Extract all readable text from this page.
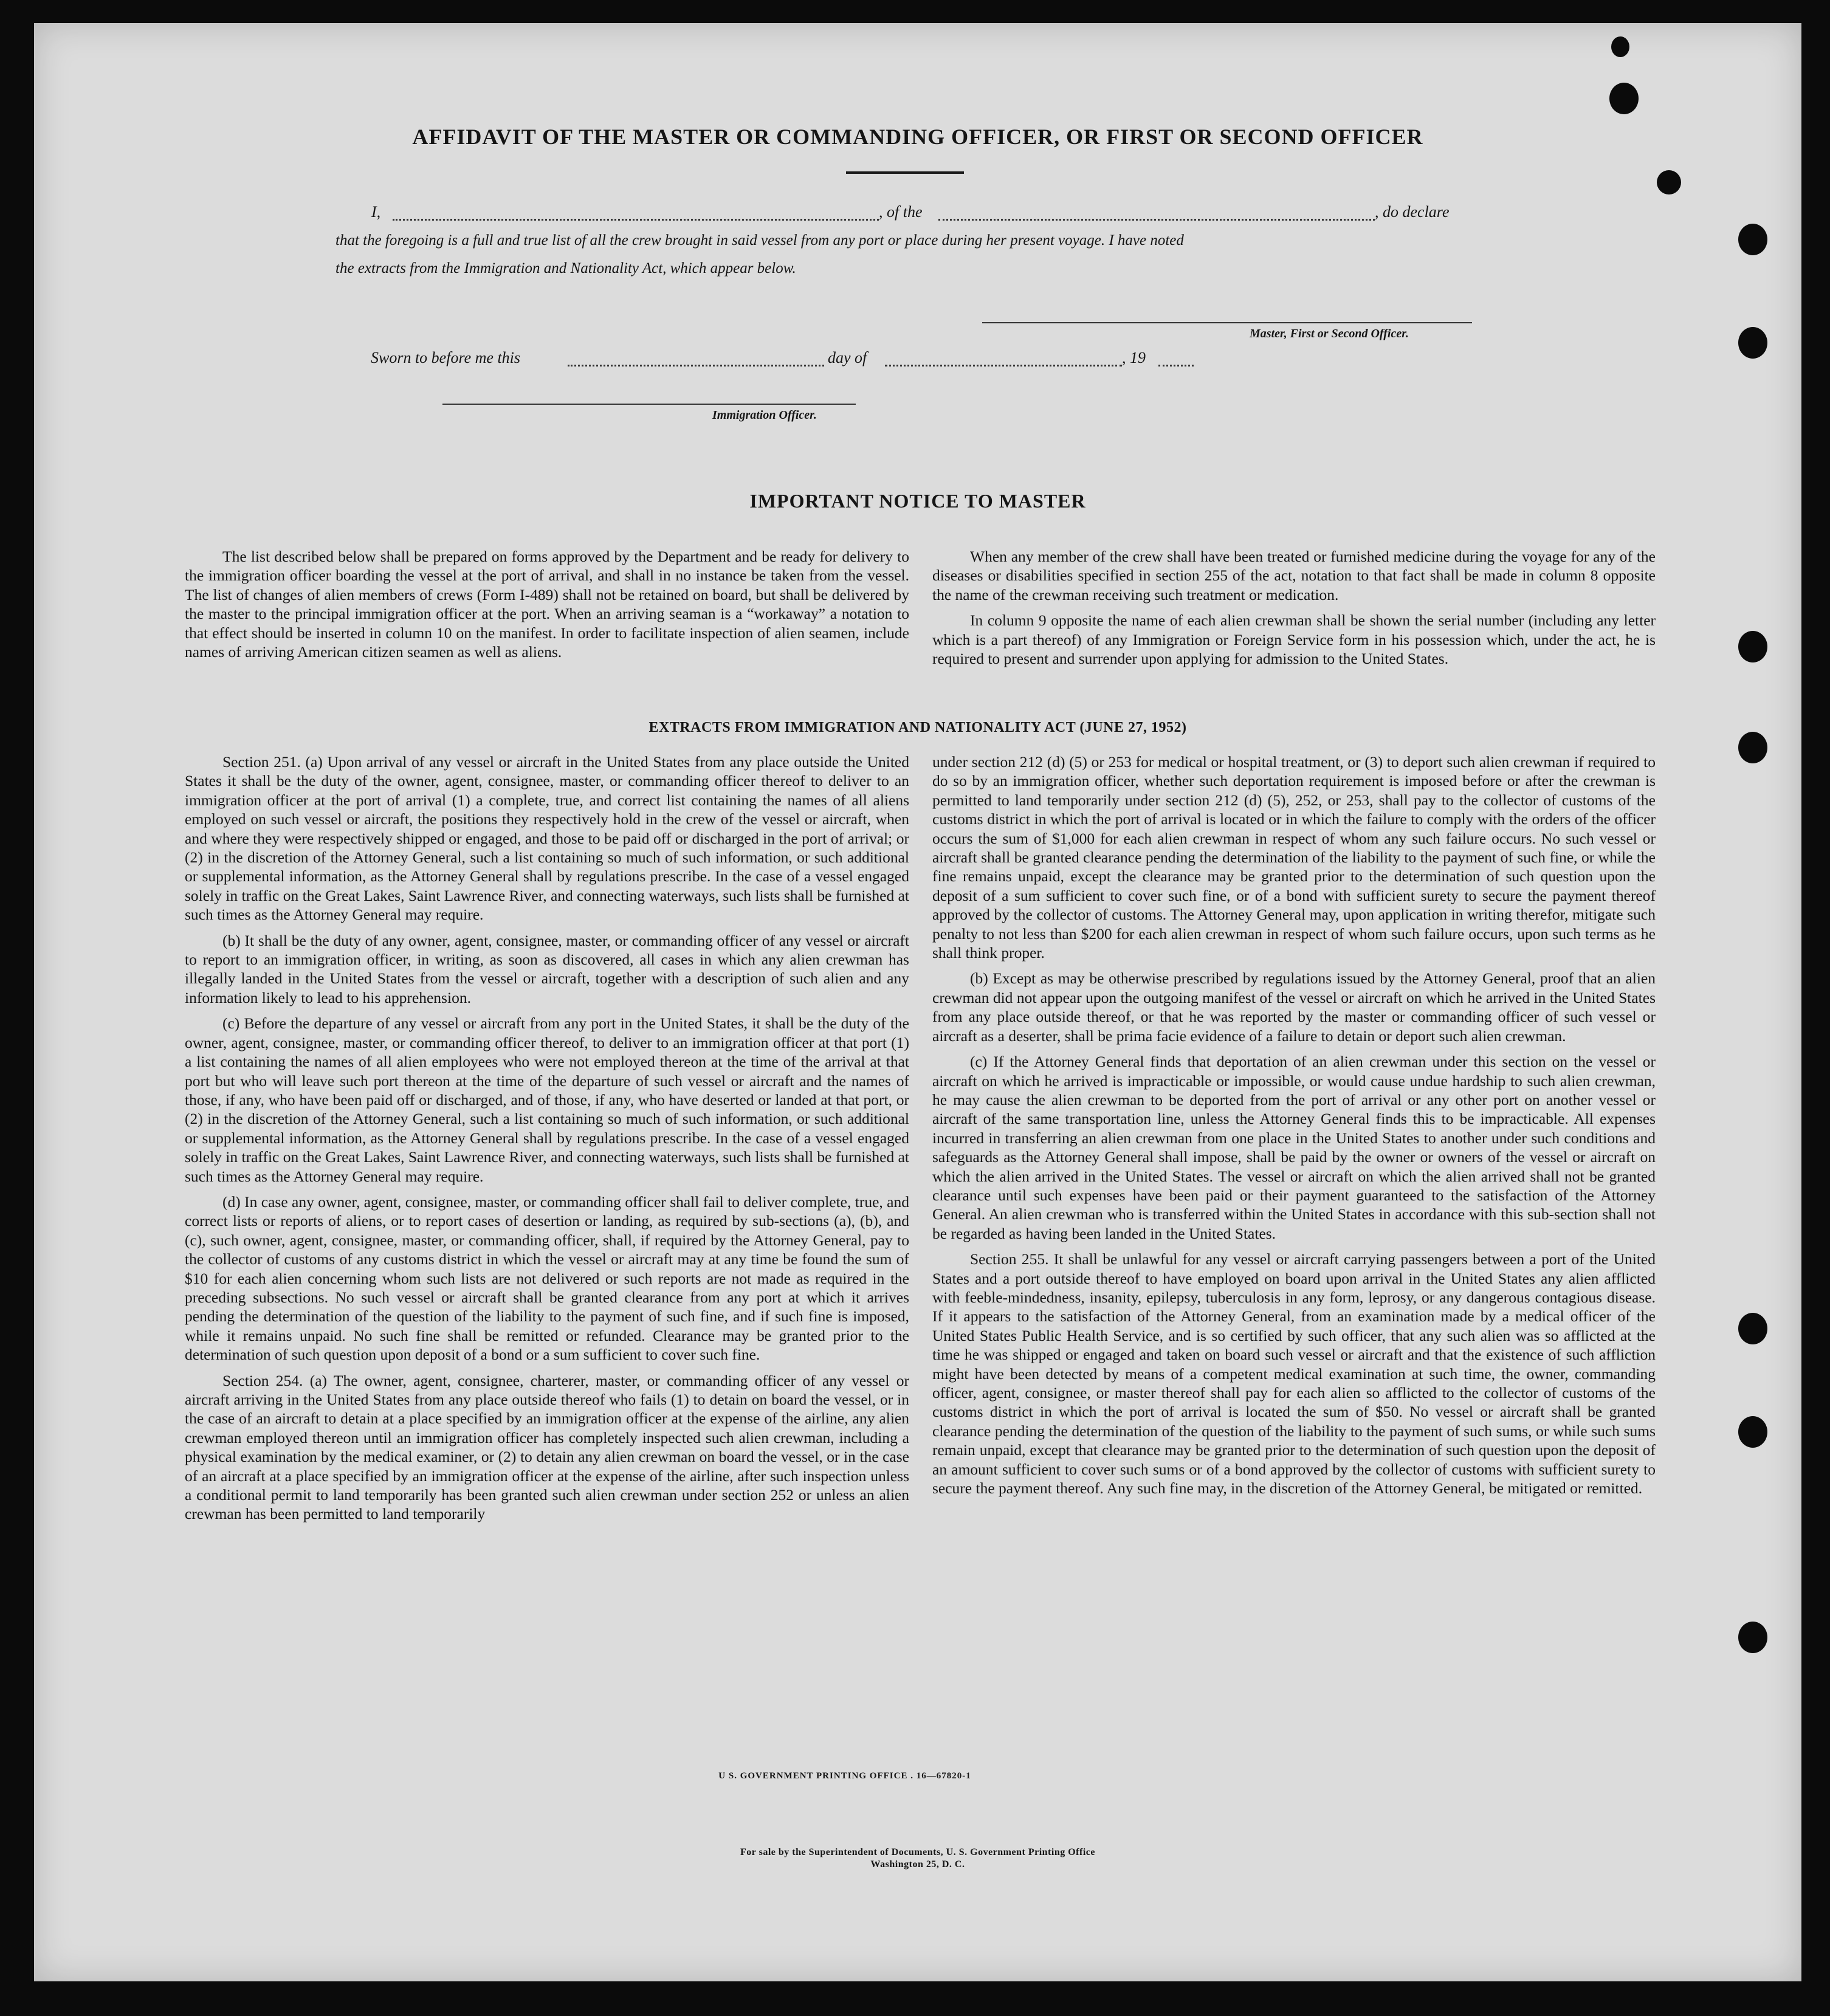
AFFIDAVIT OF THE MASTER OR COMMANDING OFFICER, OR FIRST OR SECOND OFFICER
I,	, of the	, do declare
that the foregoing is a full and true list of all the crew brought in said vessel from any port or place during her present voyage. I have noted
the extracts from the Immigration and Nationality Act, which appear below.
Master, First or Second Officer.
Sworn to before me this	day of	, 19
Immigration Officer.
IMPORTANT NOTICE TO MASTER

The list described below shall be prepared on forms approved by the Department and be ready for delivery to the immigration officer boarding the vessel at the port of arrival, and shall in no instance be taken from the vessel. The list of changes of alien members of crews (Form I-489) shall not be retained on board, but shall be delivered by the master to the principal immigration officer at the port. When an arriving seaman is a “workaway” a notation to that effect should be inserted in column 10 on the manifest. In order to facilitate inspection of alien seamen, include names of arriving American citizen seamen as well as aliens.

When any member of the crew shall have been treated or furnished medicine during the voyage for any of the diseases or disabilities specified in section 255 of the act, notation to that fact shall be made in column 8 opposite the name of the crewman receiving such treatment or medication.

In column 9 opposite the name of each alien crewman shall be shown the serial number (including any letter which is a part thereof) of any Immigration or Foreign Service form in his possession which, under the act, he is required to present and surrender upon applying for admission to the United States.

EXTRACTS FROM IMMIGRATION AND NATIONALITY ACT (JUNE 27, 1952)

Section 251. (a) Upon arrival of any vessel or aircraft in the United States from any place outside the United States it shall be the duty of the owner, agent, consignee, master, or commanding officer thereof to deliver to an immigration officer at the port of arrival (1) a complete, true, and correct list containing the names of all aliens employed on such vessel or aircraft, the positions they respectively hold in the crew of the vessel or aircraft, when and where they were respectively shipped or engaged, and those to be paid off or discharged in the port of arrival; or (2) in the discretion of the Attorney General, such a list containing so much of such information, or such additional or supplemental information, as the Attorney General shall by regulations prescribe. In the case of a vessel engaged solely in traffic on the Great Lakes, Saint Lawrence River, and connecting waterways, such lists shall be furnished at such times as the Attorney General may require.

(b) It shall be the duty of any owner, agent, consignee, master, or commanding officer of any vessel or aircraft to report to an immigration officer, in writing, as soon as discovered, all cases in which any alien crewman has illegally landed in the United States from the vessel or aircraft, together with a description of such alien and any information likely to lead to his apprehension.

(c) Before the departure of any vessel or aircraft from any port in the United States, it shall be the duty of the owner, agent, consignee, master, or commanding officer thereof, to deliver to an immigration officer at that port (1) a list containing the names of all alien employees who were not employed thereon at the time of the arrival at that port but who will leave such port thereon at the time of the departure of such vessel or aircraft and the names of those, if any, who have been paid off or discharged, and of those, if any, who have deserted or landed at that port, or (2) in the discretion of the Attorney General, such a list containing so much of such information, or such additional or supplemental information, as the Attorney General shall by regulations prescribe. In the case of a vessel engaged solely in traffic on the Great Lakes, Saint Lawrence River, and connecting waterways, such lists shall be furnished at such times as the Attorney General may require.

(d) In case any owner, agent, consignee, master, or commanding officer shall fail to deliver complete, true, and correct lists or reports of aliens, or to report cases of desertion or landing, as required by sub-sections (a), (b), and (c), such owner, agent, consignee, master, or commanding officer, shall, if required by the Attorney General, pay to the collector of customs of any customs district in which the vessel or aircraft may at any time be found the sum of $10 for each alien concerning whom such lists are not delivered or such reports are not made as required in the preceding subsections. No such vessel or aircraft shall be granted clearance from any port at which it arrives pending the determination of the question of the liability to the payment of such fine, and if such fine is imposed, while it remains unpaid. No such fine shall be remitted or refunded. Clearance may be granted prior to the determination of such question upon deposit of a bond or a sum sufficient to cover such fine.

Section 254. (a) The owner, agent, consignee, charterer, master, or commanding officer of any vessel or aircraft arriving in the United States from any place outside thereof who fails (1) to detain on board the vessel, or in the case of an aircraft to detain at a place specified by an immigration officer at the expense of the airline, any alien crewman employed thereon until an immigration officer has completely inspected such alien crewman, including a physical examination by the medical examiner, or (2) to detain any alien crewman on board the vessel, or in the case of an aircraft at a place specified by an immigration officer at the expense of the airline, after such inspection unless a conditional permit to land temporarily has been granted such alien crewman under section 252 or unless an alien crewman has been permitted to land temporarily

under section 212 (d) (5) or 253 for medical or hospital treatment, or (3) to deport such alien crewman if required to do so by an immigration officer, whether such deportation requirement is imposed before or after the crewman is permitted to land temporarily under section 212 (d) (5), 252, or 253, shall pay to the collector of customs of the customs district in which the port of arrival is located or in which the failure to comply with the orders of the officer occurs the sum of $1,000 for each alien crewman in respect of whom any such failure occurs. No such vessel or aircraft shall be granted clearance pending the determination of the liability to the payment of such fine, or while the fine remains unpaid, except the clearance may be granted prior to the determination of such question upon the deposit of a sum sufficient to cover such fine, or of a bond with sufficient surety to secure the payment thereof approved by the collector of customs. The Attorney General may, upon application in writing therefor, mitigate such penalty to not less than $200 for each alien crewman in respect of whom such failure occurs, upon such terms as he shall think proper.

(b) Except as may be otherwise prescribed by regulations issued by the Attorney General, proof that an alien crewman did not appear upon the outgoing manifest of the vessel or aircraft on which he arrived in the United States from any place outside thereof, or that he was reported by the master or commanding officer of such vessel or aircraft as a deserter, shall be prima facie evidence of a failure to detain or deport such alien crewman.

(c) If the Attorney General finds that deportation of an alien crewman under this section on the vessel or aircraft on which he arrived is impracticable or impossible, or would cause undue hardship to such alien crewman, he may cause the alien crewman to be deported from the port of arrival or any other port on another vessel or aircraft of the same transportation line, unless the Attorney General finds this to be impracticable. All expenses incurred in transferring an alien crewman from one place in the United States to another under such conditions and safeguards as the Attorney General shall impose, shall be paid by the owner or owners of the vessel or aircraft on which the alien arrived in the United States. The vessel or aircraft on which the alien arrived shall not be granted clearance until such expenses have been paid or their payment guaranteed to the satisfaction of the Attorney General. An alien crewman who is transferred within the United States in accordance with this sub-section shall not be regarded as having been landed in the United States.

Section 255. It shall be unlawful for any vessel or aircraft carrying passengers between a port of the United States and a port outside thereof to have employed on board upon arrival in the United States any alien afflicted with feeble-mindedness, insanity, epilepsy, tuberculosis in any form, leprosy, or any dangerous contagious disease. If it appears to the satisfaction of the Attorney General, from an examination made by a medical officer of the United States Public Health Service, and is so certified by such officer, that any such alien was so afflicted at the time he was shipped or engaged and taken on board such vessel or aircraft and that the existence of such affliction might have been detected by means of a competent medical examination at such time, the owner, commanding officer, agent, consignee, or master thereof shall pay for each alien so afflicted to the collector of customs of the customs district in which the port of arrival is located the sum of $50. No vessel or aircraft shall be granted clearance pending the determination of the question of the liability to the payment of such sums, or while such sums remain unpaid, except that clearance may be granted prior to the determination of such question upon the deposit of an amount sufficient to cover such sums or of a bond approved by the collector of customs with sufficient surety to secure the payment thereof. Any such fine may, in the discretion of the Attorney General, be mitigated or remitted.

U S. GOVERNMENT PRINTING OFFICE . 16—67820-1
For sale by the Superintendent of Documents, U. S. Government Printing Office
Washington 25, D. C.
